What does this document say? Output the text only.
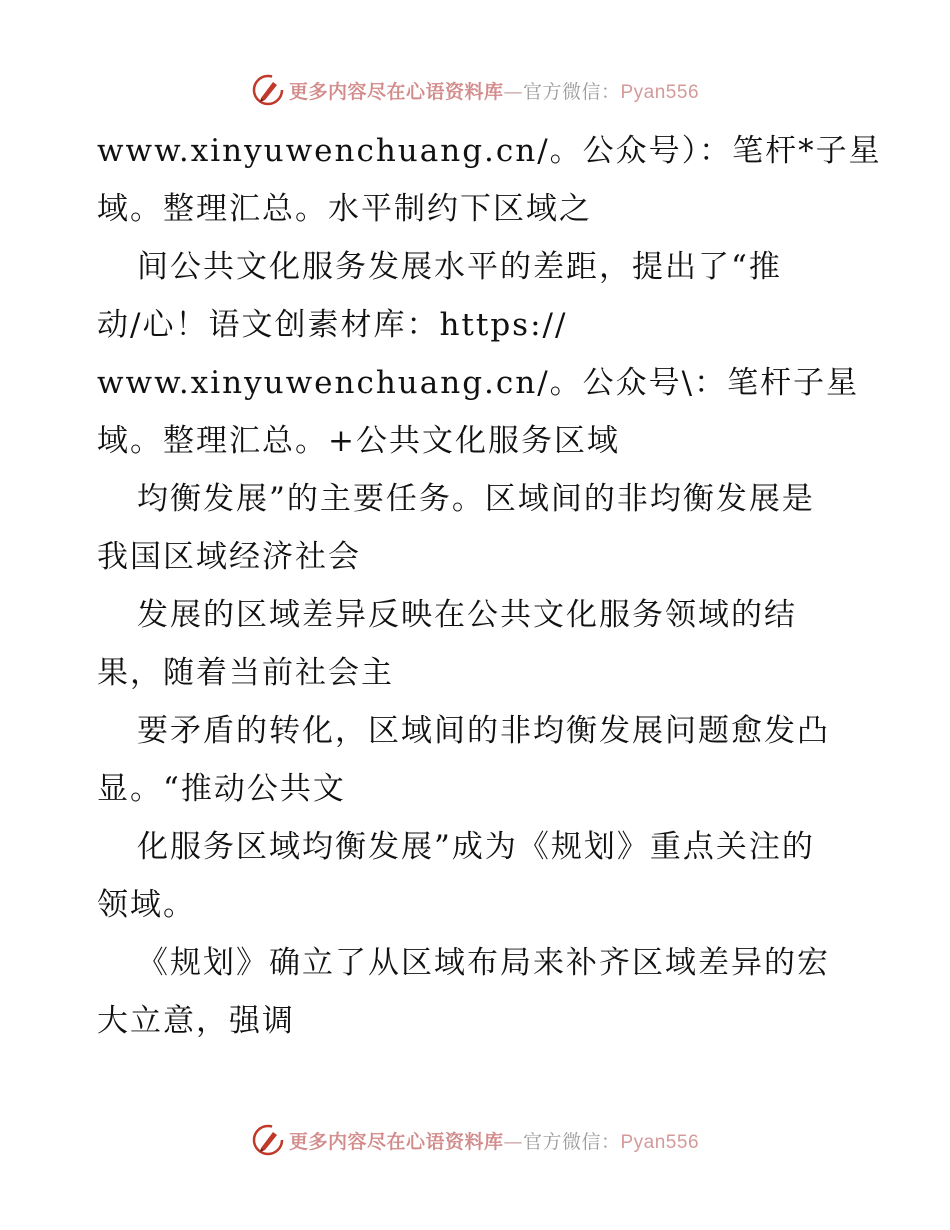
更多内容尽在心语资料库—官方微信：Pyan556
www.xinyuwenchuang.cn/。公众号）：笔杆*子星
域。整理汇总。水平制约下区域之
间公共文化服务发展水平的差距，提出了“推
动/心！语文创素材库：https://
www.xinyuwenchuang.cn/。公众号\：笔杆子星
域。整理汇总。+公共文化服务区域
均衡发展”的主要任务。区域间的非均衡发展是
我国区域经济社会
发展的区域差异反映在公共文化服务领域的结
果，随着当前社会主
要矛盾的转化，区域间的非均衡发展问题愈发凸
显。“推动公共文
化服务区域均衡发展”成为《规划》重点关注的
领域。
《规划》确立了从区域布局来补齐区域差异的宏
大立意，强调
更多内容尽在心语资料库—官方微信：Pyan556
